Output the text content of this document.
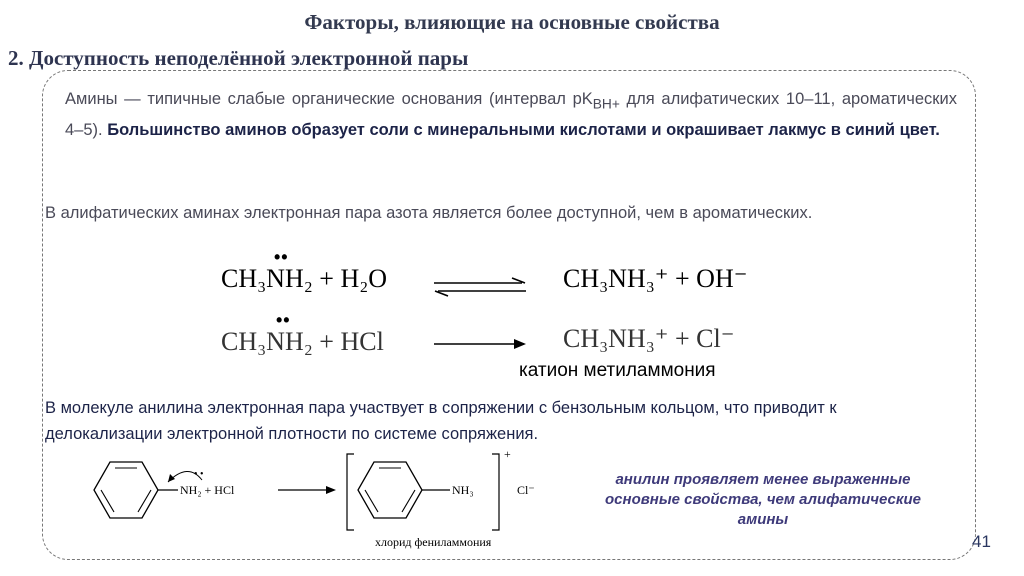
Факторы, влияющие на основные свойства
2. Доступность неподелённой электронной пары
Амины — типичные слабые органические основания (интервал $pK_{BH+}$ для алифатических 10–11, ароматических 4–5). Большинство аминов образует соли с минеральными кислотами и окрашивает лакмус в синий цвет.
В алифатических аминах электронная пара азота является более доступной, чем в ароматических.
••
CH₃NH₂ + H₂O	CH₃NH₃⁺ + OH⁻
••
CH₃NH₂ + HCl	CH₃NH₃⁺ + Cl⁻
катион метиламмония
В молекуле анилина электронная пара участвует в сопряжении с бензольным кольцом, что приводит к делокализации электронной плотности по системе сопряжения.
• •
NH₂ + HCl	NH₃
+
Cl⁻
хлорид фениламмония
анилин проявляет менее выраженные основные свойства, чем алифатические амины
41
